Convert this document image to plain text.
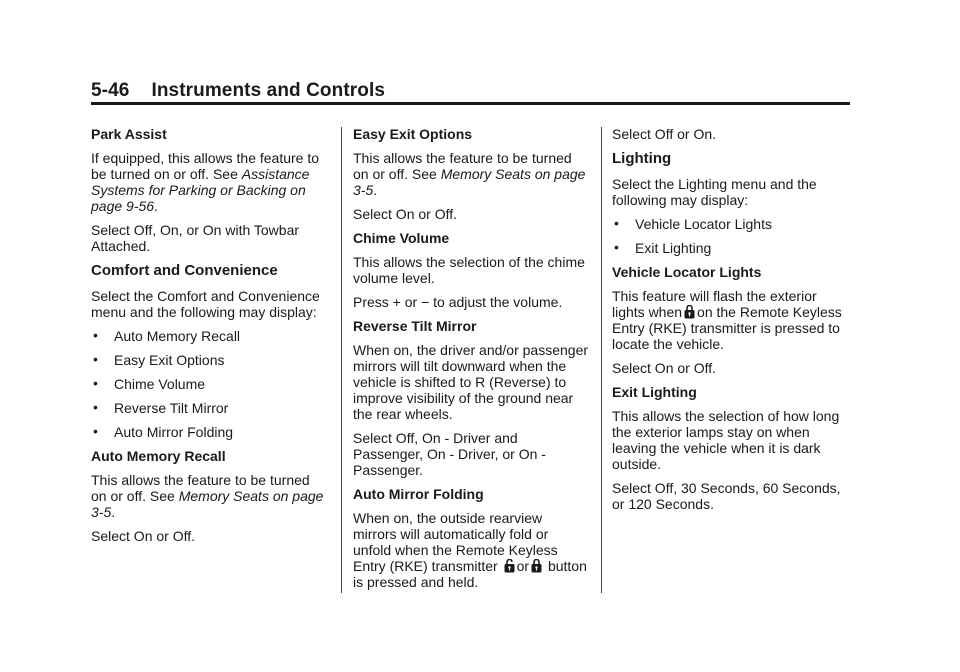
5-46 Instruments and Controls

Park Assist

If equipped, this allows the feature to be turned on or off. See Assistance Systems for Parking or Backing on page 9-56.

Select Off, On, or On with Towbar Attached.

Comfort and Convenience

Select the Comfort and Convenience menu and the following may display:

• Auto Memory Recall
• Easy Exit Options
• Chime Volume
• Reverse Tilt Mirror
• Auto Mirror Folding

Auto Memory Recall

This allows the feature to be turned on or off. See Memory Seats on page 3-5.

Select On or Off.

Easy Exit Options

This allows the feature to be turned on or off. See Memory Seats on page 3-5.

Select On or Off.

Chime Volume

This allows the selection of the chime volume level.

Press + or − to adjust the volume.

Reverse Tilt Mirror

When on, the driver and/or passenger mirrors will tilt downward when the vehicle is shifted to R (Reverse) to improve visibility of the ground near the rear wheels.

Select Off, On - Driver and Passenger, On - Driver, or On - Passenger.

Auto Mirror Folding

When on, the outside rearview mirrors will automatically fold or unfold when the Remote Keyless Entry (RKE) transmitter or button is pressed and held.

Select Off or On.

Lighting

Select the Lighting menu and the following may display:

• Vehicle Locator Lights
• Exit Lighting

Vehicle Locator Lights

This feature will flash the exterior lights when on the Remote Keyless Entry (RKE) transmitter is pressed to locate the vehicle.

Select On or Off.

Exit Lighting

This allows the selection of how long the exterior lamps stay on when leaving the vehicle when it is dark outside.

Select Off, 30 Seconds, 60 Seconds, or 120 Seconds.
